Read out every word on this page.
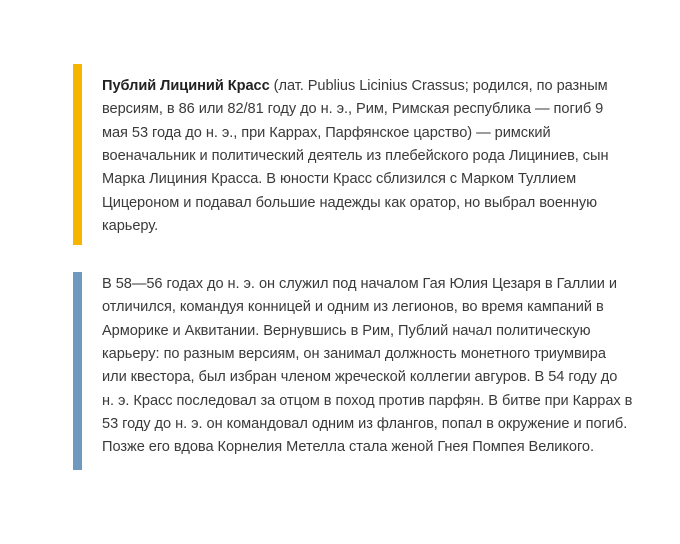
Публий Лициний Красс (лат. Publius Licinius Crassus; родился, по разным версиям, в 86 или 82/81 году до н. э., Рим, Римская республика — погиб 9 мая 53 года до н. э., при Каррах, Парфянское царство) — римский военачальник и политический деятель из плебейского рода Лициниев, сын Марка Лициния Красса. В юности Красс сблизился с Марком Туллием Цицероном и подавал большие надежды как оратор, но выбрал военную карьеру.

В 58—56 годах до н. э. он служил под началом Гая Юлия Цезаря в Галлии и отличился, командуя конницей и одним из легионов, во время кампаний в Арморике и Аквитании. Вернувшись в Рим, Публий начал политическую карьеру: по разным версиям, он занимал должность монетного триумвира или квестора, был избран членом жреческой коллегии авгуров. В 54 году до н. э. Красс последовал за отцом в поход против парфян. В битве при Каррах в 53 году до н. э. он командовал одним из флангов, попал в окружение и погиб. Позже его вдова Корнелия Метелла стала женой Гнея Помпея Великого.
